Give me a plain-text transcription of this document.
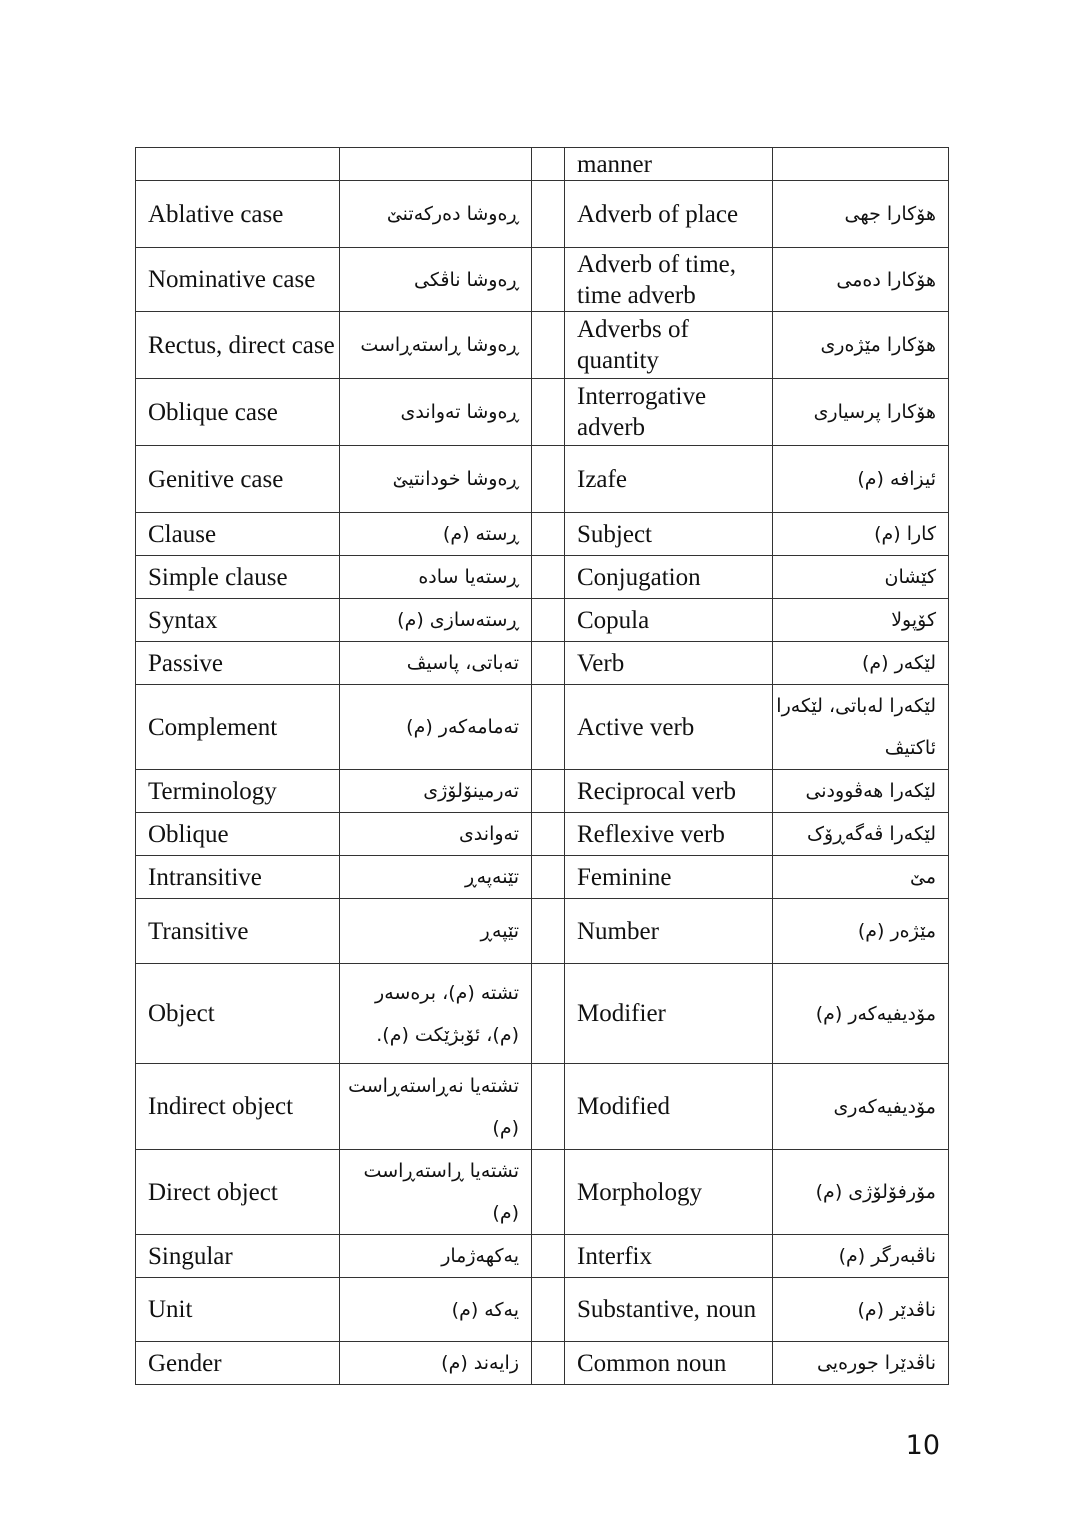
			manner	
Ablative case	ڕەوشا دەرکەتنێ		Adverb of place	هۆکارا جهی
Nominative case	ڕەوشا ناڤکی		Adverb of time, time adverb	هۆکارا دەمی
Rectus, direct case	ڕەوشا ڕاستەڕاست		Adverbs of quantity	هۆکارا مێژەری
Oblique case	ڕەوشا تەواندی		Interrogative adverb	هۆکارا پرسیاری
Genitive case	ڕەوشا خودانتیێ		Izafe	ئیزافە (م)
Clause	ڕستە (م)		Subject	کارا (م)
Simple clause	ڕستەیا سادە		Conjugation	کێشان
Syntax	ڕستەسازی (م)		Copula	کۆپولا
Passive	تەباتی، پاسیڤ		Verb	لێکەر (م)
Complement	تەمامەکەر (م)		Active verb	لێکەرا لەباتی، لێکەرا ئاکتیڤ
Terminology	تەرمینۆلۆژی		Reciprocal verb	لێکەرا هەڤوودنی
Oblique	تەواندی		Reflexive verb	لێکەرا ڤەگەڕۆک
Intransitive	تێنەپەڕ		Feminine	مێ
Transitive	تێپەڕ		Number	مێژەر (م)
Object	تشتە (م)، برەسەر (م)، ئۆبژێکت (م).		Modifier	مۆدیفیەکەر (م)
Indirect object	تشتەیا نەڕاستەڕاست (م)		Modified	مۆدیفیەکەری
Direct object	تشتەیا ڕاستەڕاست (م)		Morphology	مۆرفۆلۆژی (م)
Singular	یەکهەژمار		Interfix	ناڤبەرگر (م)
Unit	یەکە (م)		Substantive, noun	ناڤدێر (م)
Gender	زایەند (م)		Common noun	ناڤدێرا جورەیی
10
